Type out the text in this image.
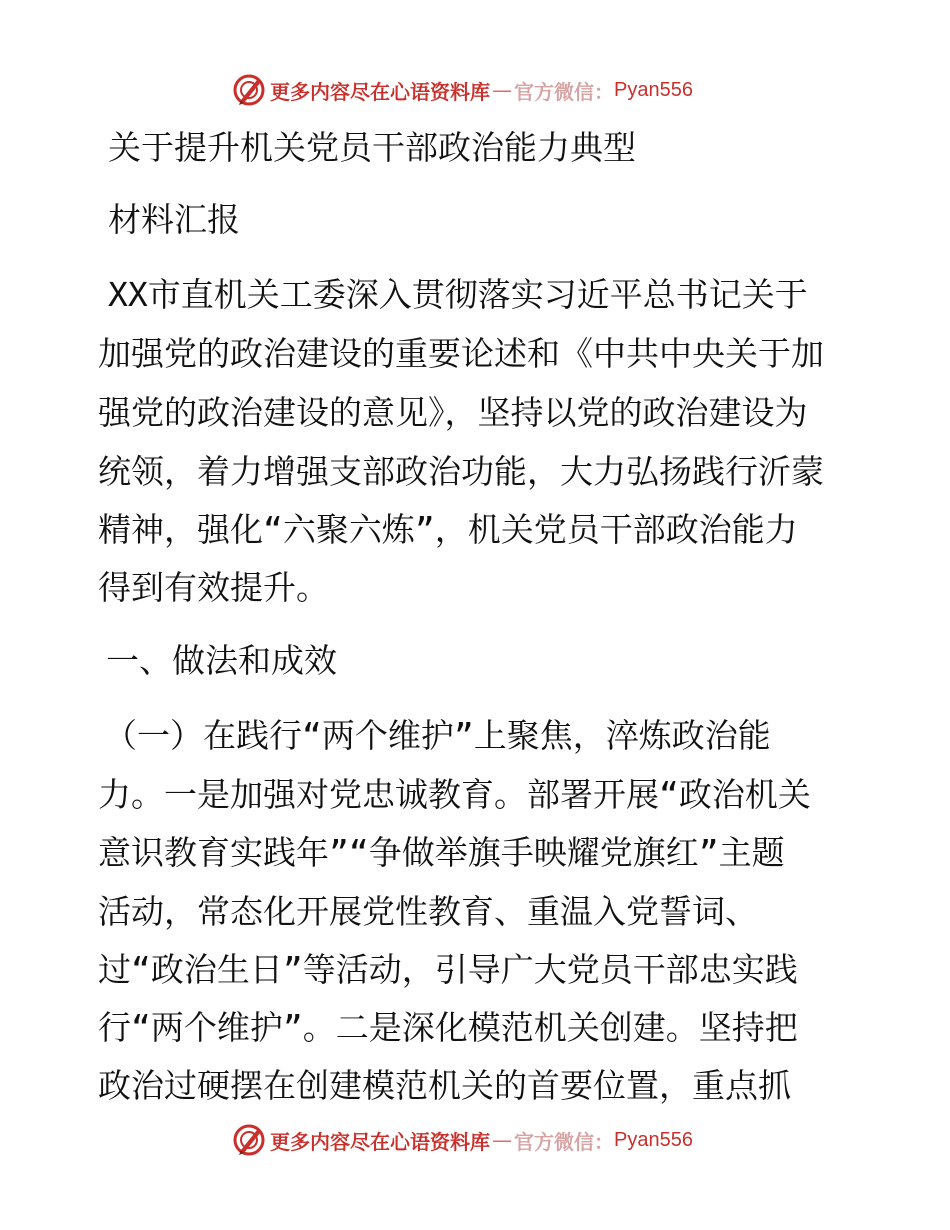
更多内容尽在心语资料库 — 官方微信： Pyan556
关于提升机关党员干部政治能力典型
材料汇报
XX市直机关工委深入贯彻落实习近平总书记关于
加强党的政治建设的重要论述和《中共中央关于加
强党的政治建设的意见》，坚持以党的政治建设为
统领，着力增强支部政治功能，大力弘扬践行沂蒙
精神，强化“六聚六炼”，机关党员干部政治能力
得到有效提升。
一、做法和成效
（一）在践行“两个维护”上聚焦，淬炼政治能
力。一是加强对党忠诚教育。部署开展“政治机关
意识教育实践年”“争做举旗手映耀党旗红”主题
活动，常态化开展党性教育、重温入党誓词、
过“政治生日”等活动，引导广大党员干部忠实践
行“两个维护”。二是深化模范机关创建。坚持把
政治过硬摆在创建模范机关的首要位置，重点抓
更多内容尽在心语资料库 — 官方微信： Pyan556
